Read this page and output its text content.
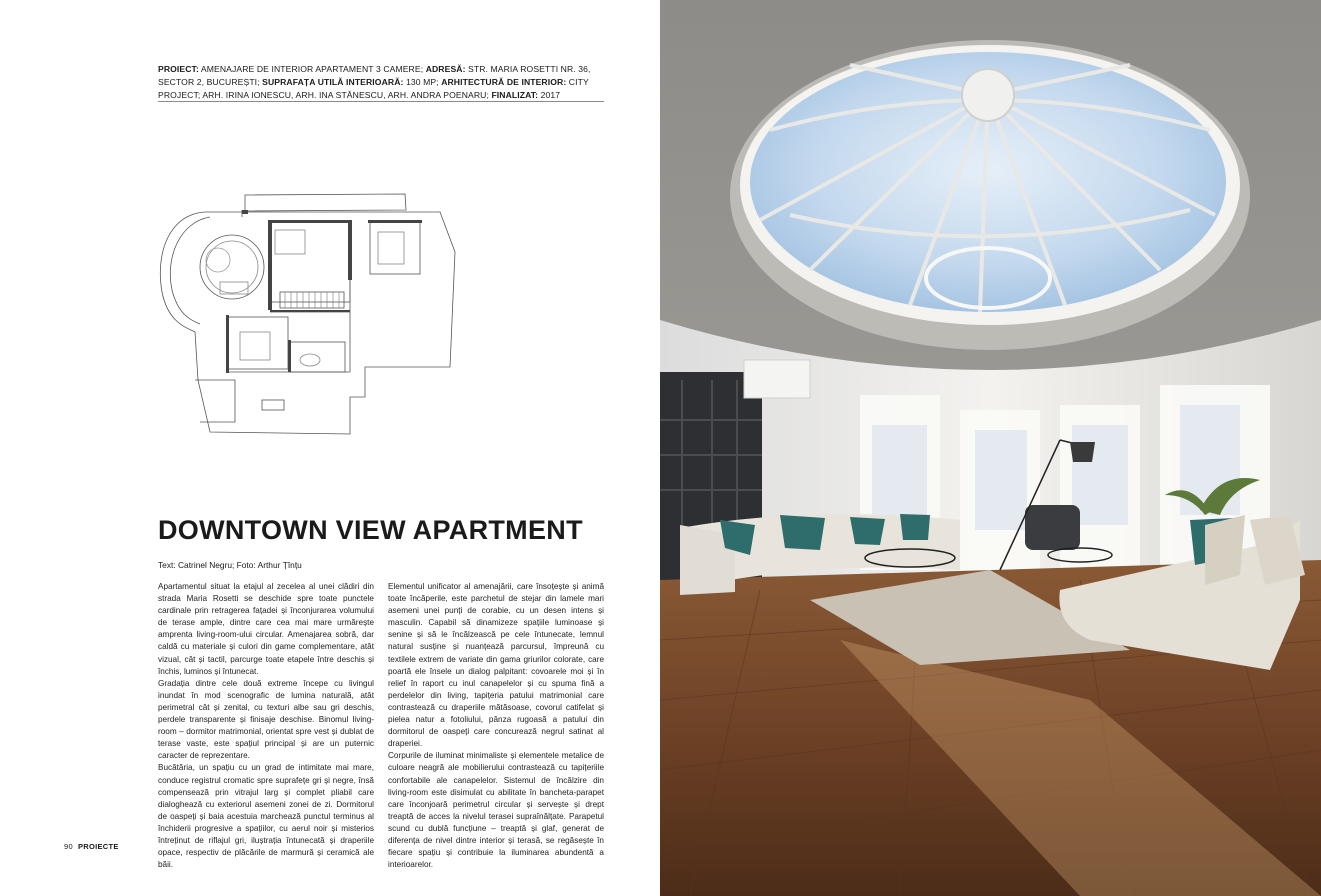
PROIECT: AMENAJARE DE INTERIOR APARTAMENT 3 CAMERE; ADRESĂ: STR. MARIA ROSETTI NR. 36, SECTOR 2, BUCUREȘTI; SUPRAFAȚA UTILĂ INTERIOARĂ: 130 MP; ARHITECTURĂ DE INTERIOR: CITY PROJECT; ARH. IRINA IONESCU, ARH. INA STĂNESCU, ARH. ANDRA POENARU; FINALIZAT: 2017
DOWNTOWN VIEW APARTMENT
Text: Catrinel Negru; Foto: Arthur Țînțu

Apartamentul situat la etajul al zecelea al unei clădiri din strada Maria Rosetti se deschide spre toate punctele cardinale prin retragerea fațadei și înconjurarea volumului de terase ample, dintre care cea mai mare urmărește amprenta living-room-ului circular. Amenajarea sobră, dar caldă cu materiale și culori din game complementare, atât vizual, cât și tactil, parcurge toate etapele între deschis și închis, luminos și întunecat.

Gradația dintre cele două extreme începe cu livingul inundat în mod scenografic de lumina naturală, atât perimetral cât și zenital, cu texturi albe sau gri deschis, perdele transparente și finisaje deschise. Binomul living-room – dormitor matrimonial, orientat spre vest și dublat de terase vaste, este spațiul principal și are un puternic caracter de reprezentare.

Bucătăria, un spațiu cu un grad de intimitate mai mare, conduce registrul cromatic spre suprafețe gri și negre, însă compensează prin vitrajul larg și complet pliabil care dialoghează cu exteriorul asemeni zonei de zi. Dormitorul de oaspeți și baia acestuia marchează punctul terminus al închiderii progresive a spațiilor, cu aerul noir și misterios întreținut de riflajul gri, iluștrația întunecată și draperiile opace, respectiv de plăcările de marmură și ceramică ale băii.

Elementul unificator al amenajării, care însoțește și animă toate încăperile, este parchetul de stejar din lamele mari asemeni unei punți de corabie, cu un desen intens și masculin. Capabil să dinamizeze spațiile luminoase și senine și să le încălzească pe cele întunecate, lemnul natural susține și nuanțează parcursul, împreună cu textilele extrem de variate din gama griurilor colorate, care poartă ele însele un dialog palpitant: covoarele moi și în relief în raport cu inul canapelelor și cu spuma fină a perdelelor din living, tapițeria patului matrimonial care contrastează cu draperiile mătăsoase, covorul catifelat și pielea natur a fotoliului, pânza rugoasă a patului din dormitorul de oaspeți care concurează negrul satinat al draperiei.

Corpurile de iluminat minimaliste și elementele metalice de culoare neagră ale mobilierului contrastează cu tapițeriile confortabile ale canapelelor. Sistemul de încălzire din living-room este disimulat cu abilitate în bancheta-parapet care înconjoară perimetrul circular și servește și drept treaptă de acces la nivelul terasei supraînălțate. Parapetul scund cu dublă funcțiune – treaptă și glaf, generat de diferența de nivel dintre interior și terasă, se regăsește în fiecare spațiu și contribuie la iluminarea abundentă a interioarelor.

90 PROIECTE
